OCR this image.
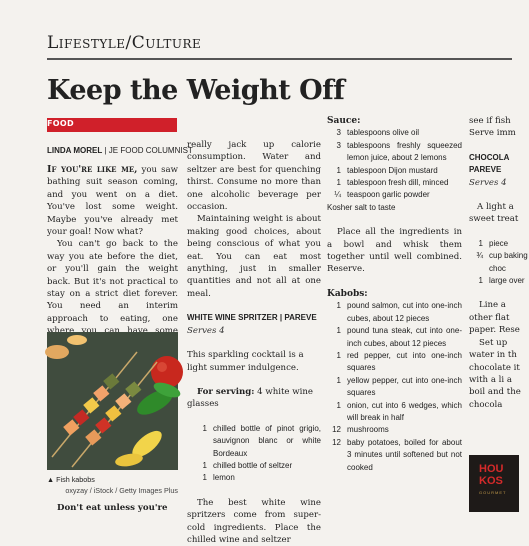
Lifestyle/Culture
Keep the Weight Off
FOOD
LINDA MOREL | JE FOOD COLUMNIST

If you're like me, you saw bathing suit season coming, and you went on a diet. You've lost some weight. Maybe you've already met your goal! Now what?

You can't go back to the way you ate before the diet, or you'll gain the weight back. But it's not practical to stay on a strict diet forever. You need an interim approach to eating, one

▲ Fish kabobs
oxyzay / iStock / Getty Images Plus

Don't eat unless you're

really jack up calorie consumption. Water and seltzer are best for quenching thirst. Consume no more than one alcoholic beverage per occasion.

Maintaining weight is about making good choices, about being conscious of what you eat. You can eat most anything, just in smaller quantities and not all at one meal.

WHITE WINE SPRITZER | PAREVE

Serves 4

This sparkling cocktail is a light summer indulgence.

For serving: 4 white wine glasses

1 chilled bottle of pinot grigio, sauvignon blanc or white Bordeaux
1 chilled bottle of seltzer
1 lemon

The best white wine spritzers come from super-cold ingredients. Place the chilled wine and seltzer

Sauce:

3 tablespoons olive oil
3 tablespoons freshly squeezed lemon juice, about 2 lemons
1 tablespoon Dijon mustard
1 tablespoon fresh dill, minced
¼ teaspoon garlic powder
Kosher salt to taste

Place all the ingredients in a bowl and whisk them together until well combined. Reserve.

Kabobs:

1 pound salmon, cut into one-inch cubes, about 12 pieces
1 pound tuna steak, cut into one-inch cubes, about 12 pieces
1 red pepper, cut into one-inch squares
1 yellow pepper, cut into one-inch squares
1 onion, cut into 6 wedges, which will break in half
12 mushrooms
12 baby potatoes, boiled for about 3 minutes until softened but not cooked

see if fish

Serve imm

CHOCOLA

PAREVE

Serves 4

A light a sweet treat

1 piece
¾ cup baking choc
1 large over

Line a other flat paper. Rese

Set up water in th chocolate it with a li a boil and the chocola

HOU
KOS
GOURMET
